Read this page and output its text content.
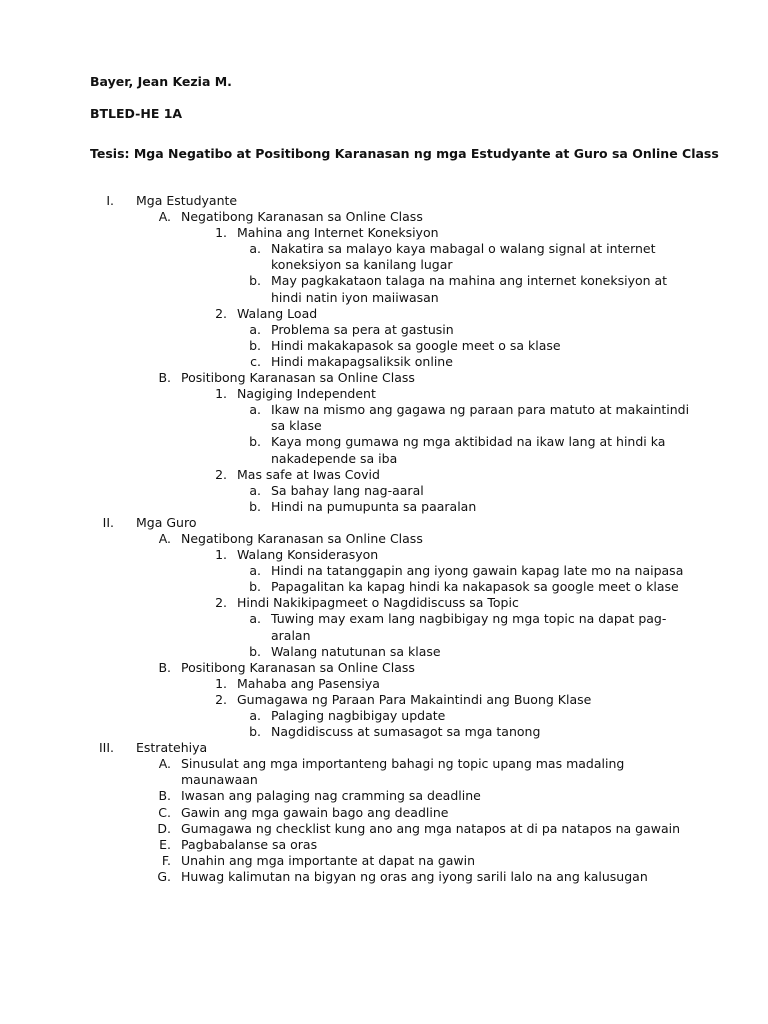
Bayer, Jean Kezia M.
BTLED-HE 1A
Tesis: Mga Negatibo at Positibong Karanasan ng mga Estudyante at Guro sa Online Class
I. Mga Estudyante
A. Negatibong Karanasan sa Online Class
1. Mahina ang Internet Koneksiyon
a. Nakatira sa malayo kaya mabagal o walang signal at internet
koneksiyon sa kanilang lugar
b. May pagkakataon talaga na mahina ang internet koneksiyon at
hindi natin iyon maiiwasan
2. Walang Load
a. Problema sa pera at gastusin
b. Hindi makakapasok sa google meet o sa klase
c. Hindi makapagsaliksik online
B. Positibong Karanasan sa Online Class
1. Nagiging Independent
a. Ikaw na mismo ang gagawa ng paraan para matuto at makaintindi
sa klase
b. Kaya mong gumawa ng mga aktibidad na ikaw lang at hindi ka
nakadepende sa iba
2. Mas safe at Iwas Covid
a. Sa bahay lang nag-aaral
b. Hindi na pumupunta sa paaralan
II. Mga Guro
A. Negatibong Karanasan sa Online Class
1. Walang Konsiderasyon
a. Hindi na tatanggapin ang iyong gawain kapag late mo na naipasa
b. Papagalitan ka kapag hindi ka nakapasok sa google meet o klase
2. Hindi Nakikipagmeet o Nagdidiscuss sa Topic
a. Tuwing may exam lang nagbibigay ng mga topic na dapat pag-
aralan
b. Walang natutunan sa klase
B. Positibong Karanasan sa Online Class
1. Mahaba ang Pasensiya
2. Gumagawa ng Paraan Para Makaintindi ang Buong Klase
a. Palaging nagbibigay update
b. Nagdidiscuss at sumasagot sa mga tanong
III. Estratehiya
A. Sinusulat ang mga importanteng bahagi ng topic upang mas madaling
maunawaan
B. Iwasan ang palaging nag cramming sa deadline
C. Gawin ang mga gawain bago ang deadline
D. Gumagawa ng checklist kung ano ang mga natapos at di pa natapos na gawain
E. Pagbabalanse sa oras
F. Unahin ang mga importante at dapat na gawin
G. Huwag kalimutan na bigyan ng oras ang iyong sarili lalo na ang kalusugan
